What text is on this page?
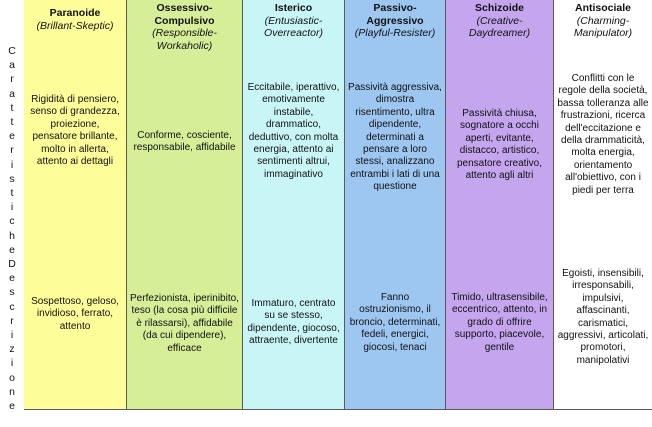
C
a
r
a
t
t
e
r
i
s
t
i
c
h
e
D
e
s
c
r
i
z
i
o
n
e
Paranoide
(Brillant-Skeptic)
Rigidità di pensiero, senso di grandezza, proiezione, pensatore brillante, molto in allerta, attento ai dettagli
Sospettoso, geloso, invidioso, ferrato, attento
Ossessivo-Compulsivo
(Responsible-Workaholic)
Conforme, cosciente, responsabile, affidabile
Perfezionista, iperinibito, teso (la cosa più difficile è rilassarsi), affidabile (da cui dipendere), efficace
Isterico
(Entusiastic-Overreactor)
Eccitabile, iperattivo, emotivamente instabile, drammatico, deduttivo, con molta energia, attento ai sentimenti altrui, immaginativo
Immaturo, centrato su se stesso, dipendente, giocoso, attraente, divertente
Passivo-Aggressivo
(Playful-Resister)
Passività aggressiva, dimostra risentimento, ultra dipendente, determinati a pensare a loro stessi, analizzano entrambi i lati di una questione
Fanno ostruzionismo, il broncio, determinati, fedeli, energici, giocosi, tenaci
Schizoide
(Creative-Daydreamer)
Passività chiusa, sognatore a occhi aperti, evitante, distacco, artistico, pensatore creativo, attento agli altri
Timido, ultrasensibile, eccentrico, attento, in grado di offrire supporto, piacevole, gentile
Antisociale
(Charming-Manipulator)
Conflitti con le regole della società, bassa tolleranza alle frustrazioni, ricerca dell'eccitazione e della drammaticità, molta energia, orientamento all'obiettivo, con i piedi per terra
Egoisti, insensibili, irresponsabili, impulsivi, affascinanti, carismatici, aggressivi, articolati, promotori, manipolativi
